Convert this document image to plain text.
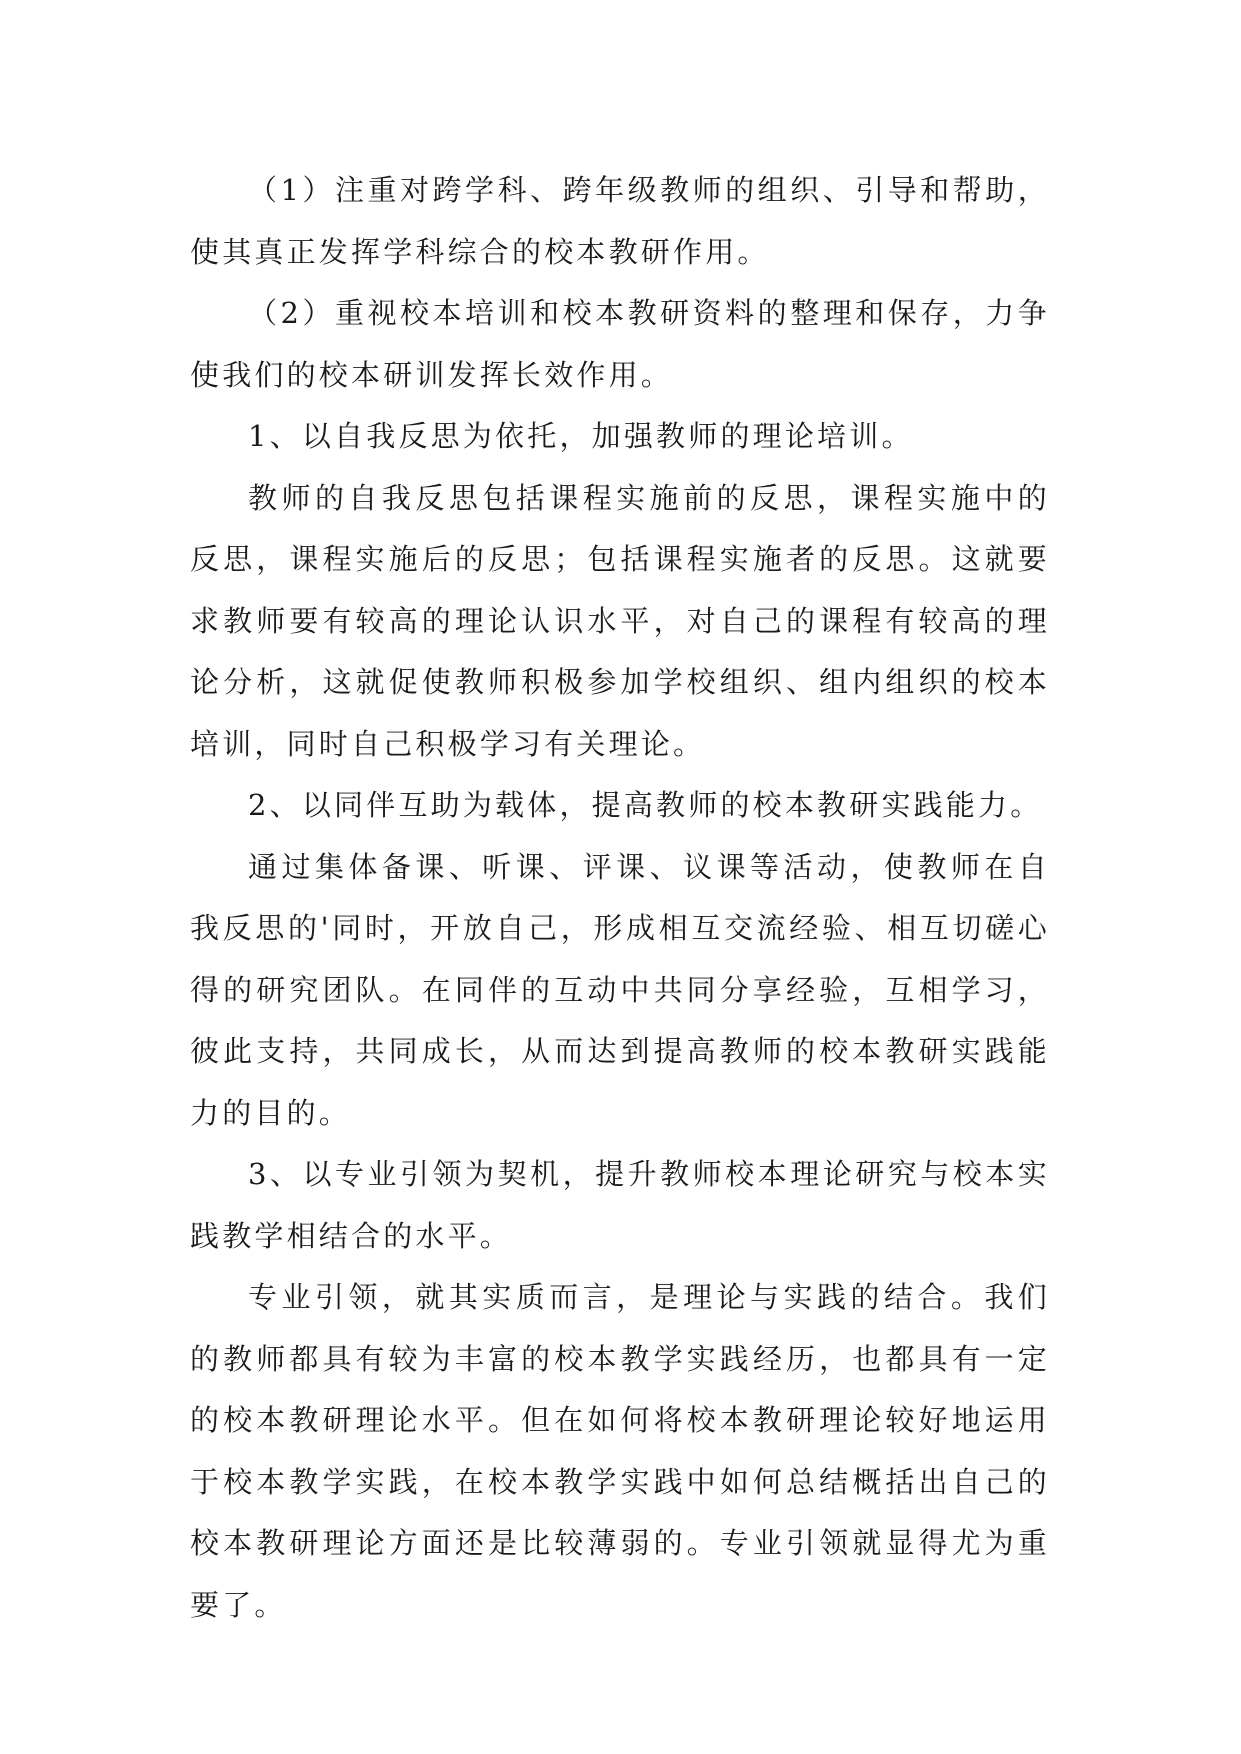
（1）注重对跨学科、跨年级教师的组织、引导和帮助，使其真正发挥学科综合的校本教研作用。

（2）重视校本培训和校本教研资料的整理和保存，力争使我们的校本研训发挥长效作用。

1、以自我反思为依托，加强教师的理论培训。

教师的自我反思包括课程实施前的反思，课程实施中的反思，课程实施后的反思；包括课程实施者的反思。这就要求教师要有较高的理论认识水平，对自己的课程有较高的理论分析，这就促使教师积极参加学校组织、组内组织的校本培训，同时自己积极学习有关理论。

2、以同伴互助为载体，提高教师的校本教研实践能力。

通过集体备课、听课、评课、议课等活动，使教师在自我反思的'同时，开放自己，形成相互交流经验、相互切磋心得的研究团队。在同伴的互动中共同分享经验，互相学习，彼此支持，共同成长，从而达到提高教师的校本教研实践能力的目的。

3、以专业引领为契机，提升教师校本理论研究与校本实践教学相结合的水平。

专业引领，就其实质而言，是理论与实践的结合。我们的教师都具有较为丰富的校本教学实践经历，也都具有一定的校本教研理论水平。但在如何将校本教研理论较好地运用于校本教学实践，在校本教学实践中如何总结概括出自己的校本教研理论方面还是比较薄弱的。专业引领就显得尤为重要了。
